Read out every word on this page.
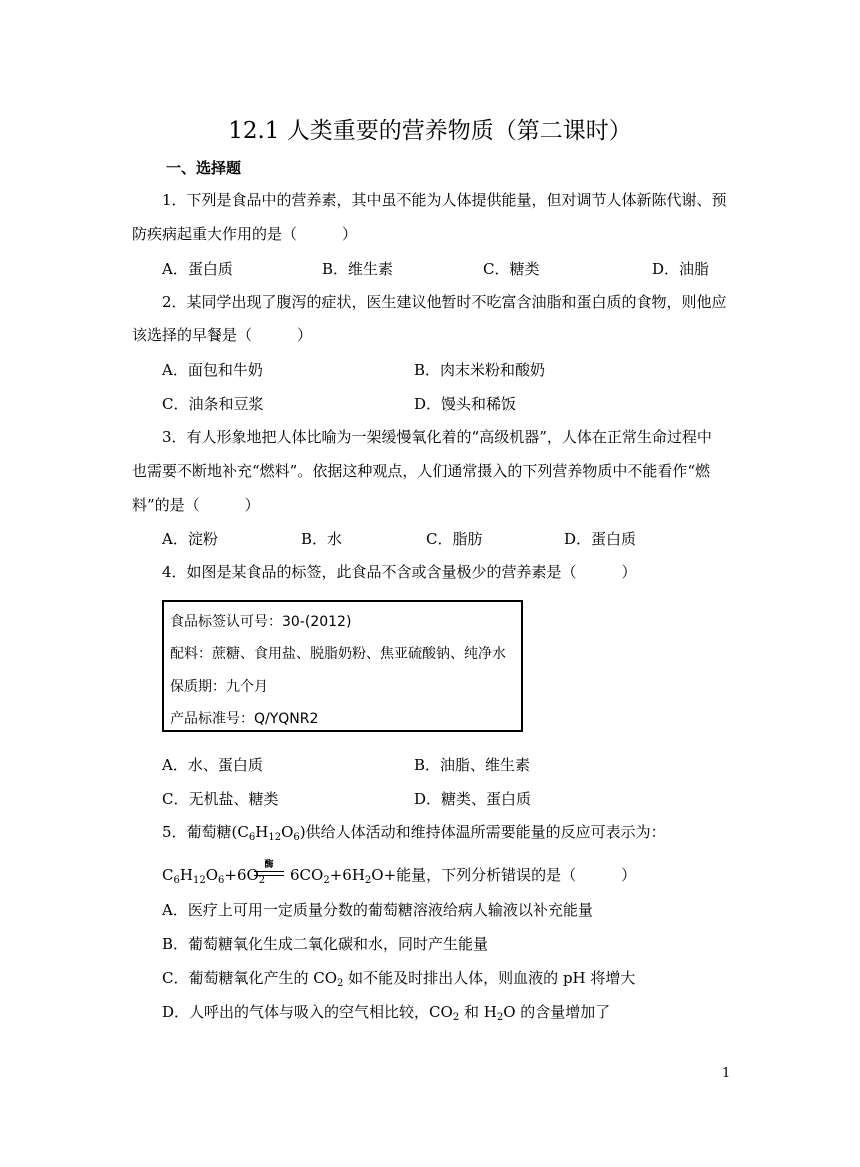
12.1 人类重要的营养物质（第二课时）
一、选择题
1．下列是食品中的营养素，其中虽不能为人体提供能量，但对调节人体新陈代谢、预
防疾病起重大作用的是（　　　）
A．蛋白质	B．维生素	C．糖类	D．油脂
2．某同学出现了腹泻的症状，医生建议他暂时不吃富含油脂和蛋白质的食物，则他应
该选择的早餐是（　　　）
A．面包和牛奶	B．肉末米粉和酸奶
C．油条和豆浆	D．馒头和稀饭
3．有人形象地把人体比喻为一架缓慢氧化着的“高级机器”，人体在正常生命过程中
也需要不断地补充“燃料”。依据这种观点，人们通常摄入的下列营养物质中不能看作“燃
料”的是（　　　）
A．淀粉	B．水	C．脂肪	D．蛋白质
4．如图是某食品的标签，此食品不含或含量极少的营养素是（　　　）
食品标签认可号：30-(2012)
配料：蔗糖、食用盐、脱脂奶粉、焦亚硫酸钠、纯净水
保质期：九个月
产品标准号：Q/YQNR2
A．水、蛋白质	B．油脂、维生素
C．无机盐、糖类	D．糖类、蛋白质
5．葡萄糖$(C_6H_{12}O_6)$供给人体活动和维持体温所需要能量的反应可表示为：
$C_6H_{12}O_6+6O_2$
酶
$6CO_2+6H_2O+$能量，下列分析错误的是（　　　）
A．医疗上可用一定质量分数的葡萄糖溶液给病人输液以补充能量
B．葡萄糖氧化生成二氧化碳和水，同时产生能量
C．葡萄糖氧化产生的 $CO_2$ 如不能及时排出人体，则血液的 pH 将增大
D．人呼出的气体与吸入的空气相比较，$CO_2$ 和 $H_2O$ 的含量增加了
1
